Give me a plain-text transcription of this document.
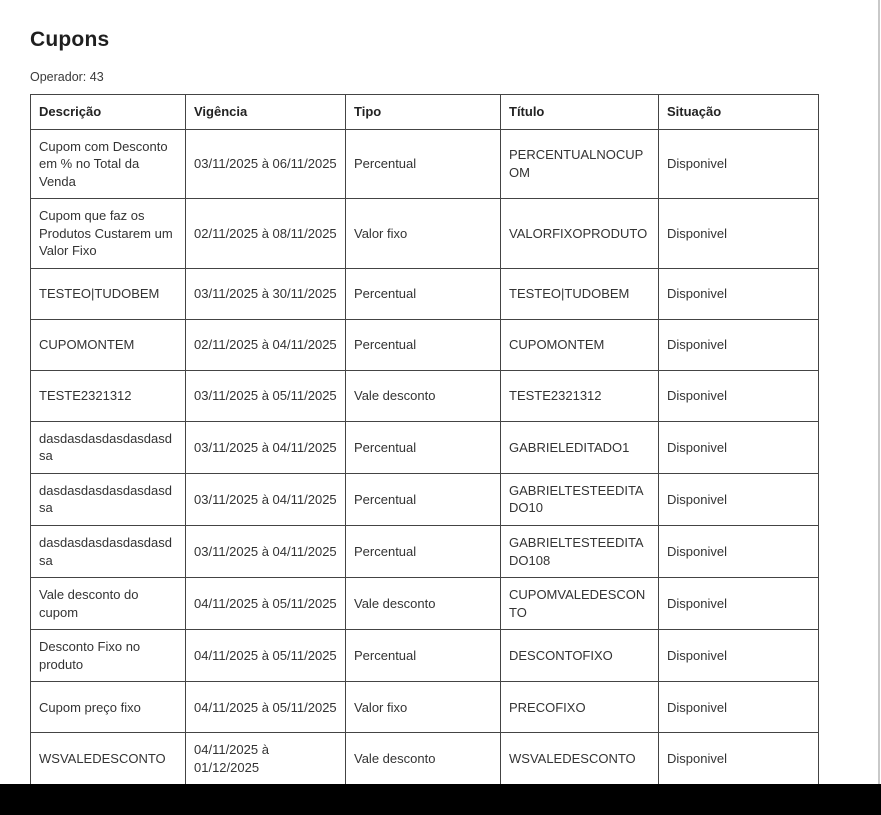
Cupons
Operador: 43
Descrição	Vigência	Tipo	Título	Situação
Cupom com Desconto em % no Total da Venda	03/11/2025 à 06/11/2025	Percentual	PERCENTUALNOCUPOM	Disponivel
Cupom que faz os Produtos Custarem um Valor Fixo	02/11/2025 à 08/11/2025	Valor fixo	VALORFIXOPRODUTO	Disponivel
TESTEO|TUDOBEM	03/11/2025 à 30/11/2025	Percentual	TESTEO|TUDOBEM	Disponivel
CUPOMONTEM	02/11/2025 à 04/11/2025	Percentual	CUPOMONTEM	Disponivel
TESTE2321312	03/11/2025 à 05/11/2025	Vale desconto	TESTE2321312	Disponivel
dasdasdasdasdasdasdsa	03/11/2025 à 04/11/2025	Percentual	GABRIELEDITADO1	Disponivel
dasdasdasdasdasdasdsa	03/11/2025 à 04/11/2025	Percentual	GABRIELTESTEEDITADO10	Disponivel
dasdasdasdasdasdasdsa	03/11/2025 à 04/11/2025	Percentual	GABRIELTESTEEDITADO108	Disponivel
Vale desconto do cupom	04/11/2025 à 05/11/2025	Vale desconto	CUPOMVALEDESCONTO	Disponivel
Desconto Fixo no produto	04/11/2025 à 05/11/2025	Percentual	DESCONTOFIXO	Disponivel
Cupom preço fixo	04/11/2025 à 05/11/2025	Valor fixo	PRECOFIXO	Disponivel
WSVALEDESCONTO	04/11/2025 à 01/12/2025	Vale desconto	WSVALEDESCONTO	Disponivel
